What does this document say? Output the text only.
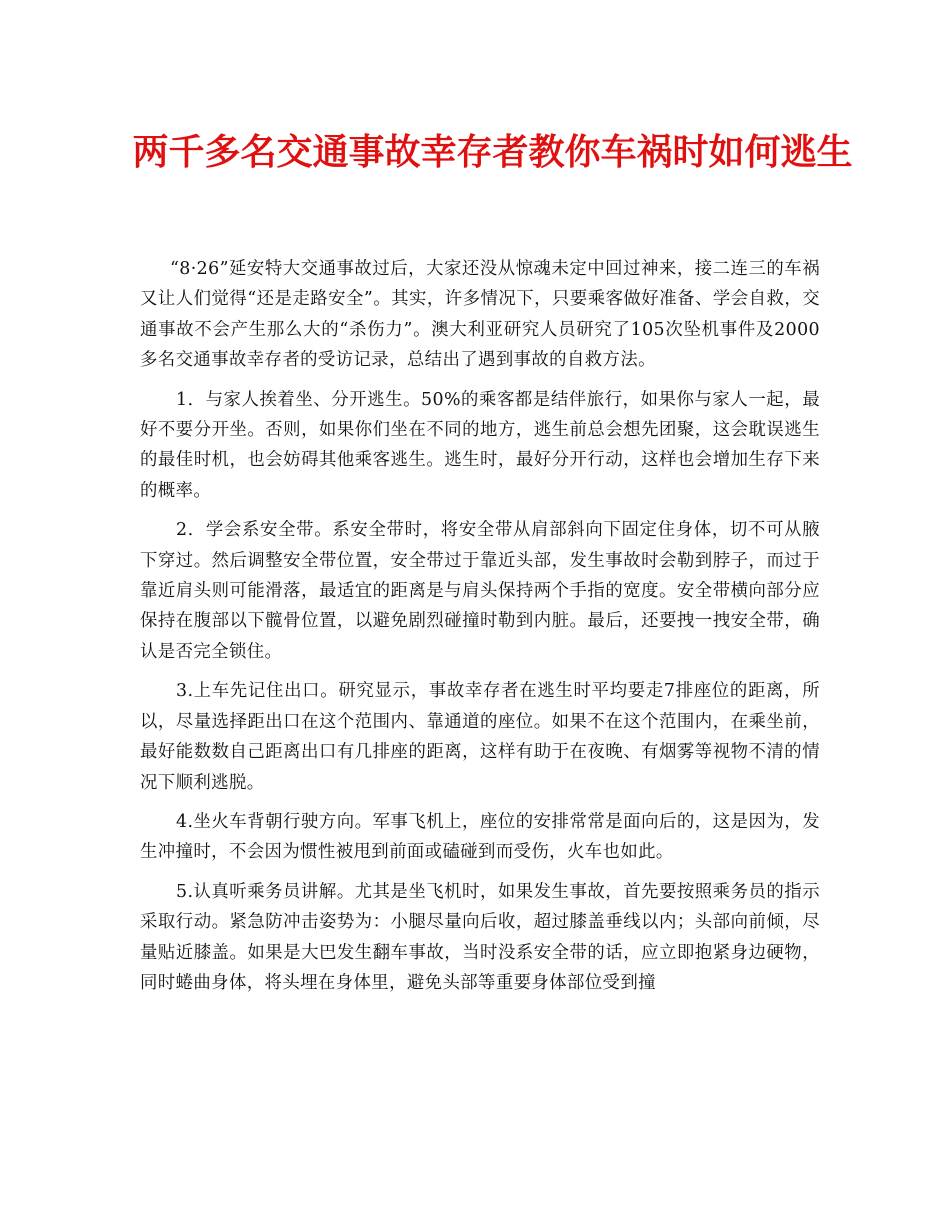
两千多名交通事故幸存者教你车祸时如何逃生

“8·26”延安特大交通事故过后，大家还没从惊魂未定中回过神来，接二连三的车祸又让人们觉得“还是走路安全”。其实，许多情况下，只要乘客做好准备、学会自救，交通事故不会产生那么大的“杀伤力”。澳大利亚研究人员研究了105次坠机事件及2000多名交通事故幸存者的受访记录，总结出了遇到事故的自救方法。

1．与家人挨着坐、分开逃生。50%的乘客都是结伴旅行，如果你与家人一起，最好不要分开坐。否则，如果你们坐在不同的地方，逃生前总会想先团聚，这会耽误逃生的最佳时机，也会妨碍其他乘客逃生。逃生时，最好分开行动，这样也会增加生存下来的概率。

2．学会系安全带。系安全带时，将安全带从肩部斜向下固定住身体，切不可从腋下穿过。然后调整安全带位置，安全带过于靠近头部，发生事故时会勒到脖子，而过于靠近肩头则可能滑落，最适宜的距离是与肩头保持两个手指的宽度。安全带横向部分应保持在腹部以下髋骨位置，以避免剧烈碰撞时勒到内脏。最后，还要拽一拽安全带，确认是否完全锁住。

3.上车先记住出口。研究显示，事故幸存者在逃生时平均要走7排座位的距离，所以，尽量选择距出口在这个范围内、靠通道的座位。如果不在这个范围内，在乘坐前，最好能数数自己距离出口有几排座的距离，这样有助于在夜晚、有烟雾等视物不清的情况下顺利逃脱。

4.坐火车背朝行驶方向。军事飞机上，座位的安排常常是面向后的，这是因为，发生冲撞时，不会因为惯性被甩到前面或磕碰到而受伤，火车也如此。

5.认真听乘务员讲解。尤其是坐飞机时，如果发生事故，首先要按照乘务员的指示采取行动。紧急防冲击姿势为：小腿尽量向后收，超过膝盖垂线以内；头部向前倾，尽量贴近膝盖。如果是大巴发生翻车事故，当时没系安全带的话，应立即抱紧身边硬物，同时蜷曲身体，将头埋在身体里，避免头部等重要身体部位受到撞
